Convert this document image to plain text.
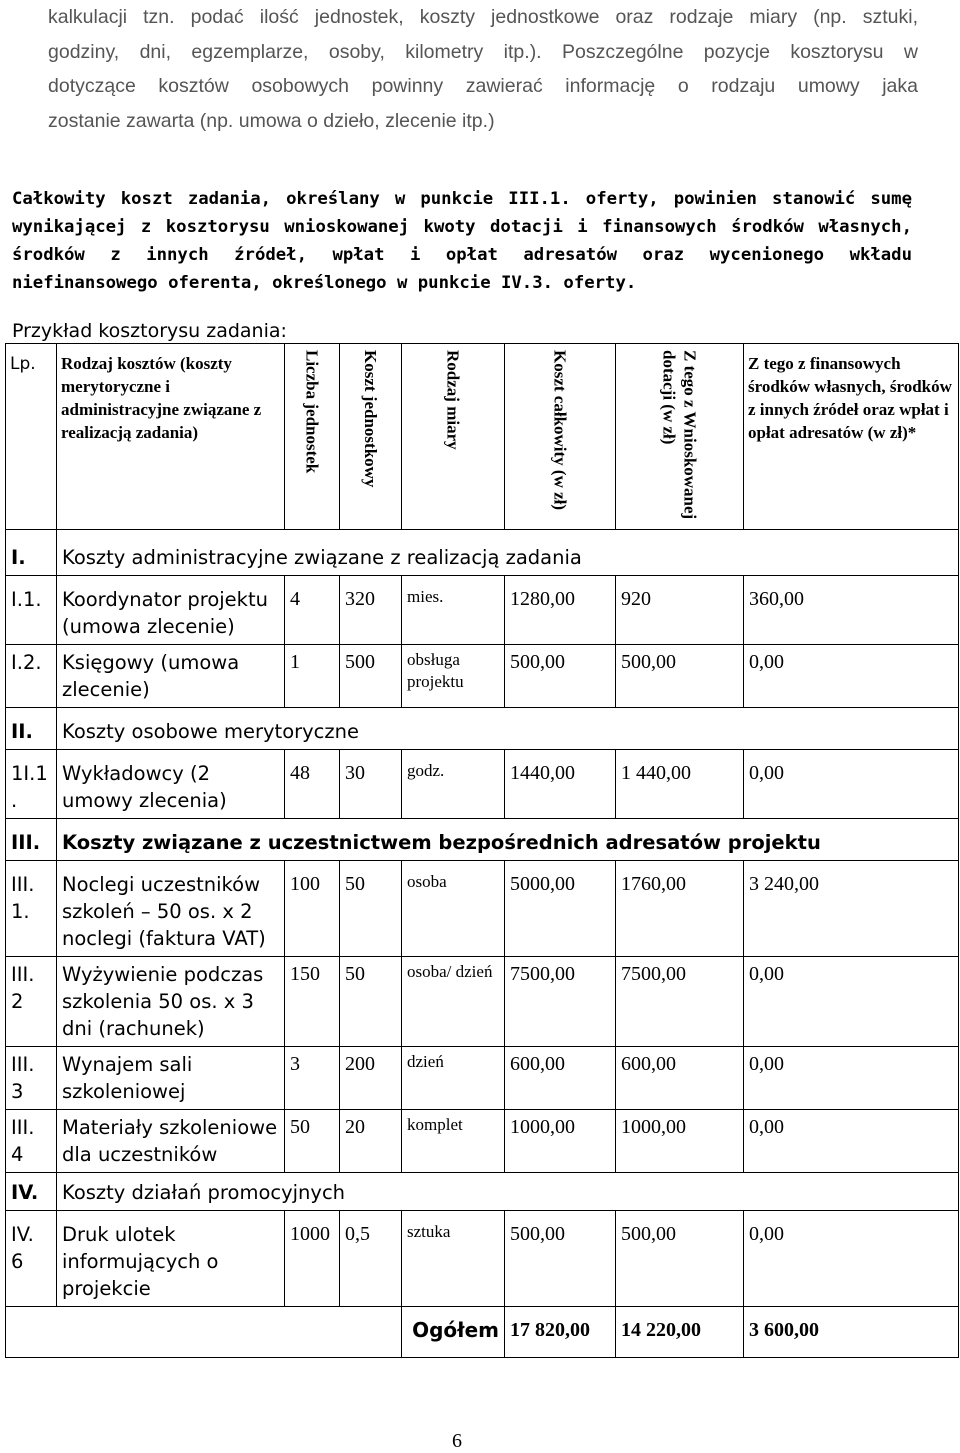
kalkulacji tzn. podać ilość jednostek, koszty jednostkowe oraz rodzaje miary (np. sztuki,
godziny, dni, egzemplarze, osoby, kilometry itp.). Poszczególne pozycje kosztorysu w
dotyczące kosztów osobowych powinny zawierać informację o rodzaju umowy jaka
zostanie zawarta (np. umowa o dzieło, zlecenie itp.)
Całkowity koszt zadania, określany w punkcie III.1. oferty, powinien stanowić sumę wynikającej z kosztorysu wnioskowanej kwoty dotacji i finansowych środków własnych, środków z innych źródeł, wpłat i opłat adresatów oraz wycenionego wkładu niefinansowego oferenta, określonego w punkcie IV.3. oferty.
Przykład kosztorysu zadania:
Lp.	Rodzaj kosztów (koszty merytoryczne i administracyjne związane z realizacją zadania)	Liczba jednostek	Koszt jednostkowy	Rodzaj miary	Koszt całkowity (w zł)	Z tego z Wnioskowanej dotacji (w zł)	Z tego z finansowych środków własnych, środków z innych źródeł oraz wpłat i opłat adresatów (w zł)*

I.	Koszty administracyjne związane z realizacją zadania						
I.1.	Koordynator projektu (umowa zlecenie)	4	320	mies.	1280,00	920	360,00
I.2.	Księgowy (umowa zlecenie)	1	500	obsługa projektu	500,00	500,00	0,00
II.	Koszty osobowe merytoryczne						
1I.1 .	Wykładowcy (2 umowy zlecenia)	48	30	godz.	1440,00	1 440,00	0,00
III.	Koszty związane z uczestnictwem bezpośrednich adresatów projektu						
III. 1.	Noclegi uczestników szkoleń – 50 os. x 2 noclegi (faktura VAT)	100	50	osoba	5000,00	1760,00	3 240,00
III. 2	Wyżywienie podczas szkolenia 50 os. x 3 dni (rachunek)	150	50	osoba/ dzień	7500,00	7500,00	0,00
III. 3	Wynajem sali szkoleniowej	3	200	dzień	600,00	600,00	0,00
III. 4	Materiały szkoleniowe dla uczestników	50	20	komplet	1000,00	1000,00	0,00
IV.	Koszty działań promocyjnych						
IV. 6	Druk ulotek informujących o projekcie	1000	0,5	sztuka	500,00	500,00	0,00
				Ogółem	17 820,00	14 220,00	3 600,00
6
